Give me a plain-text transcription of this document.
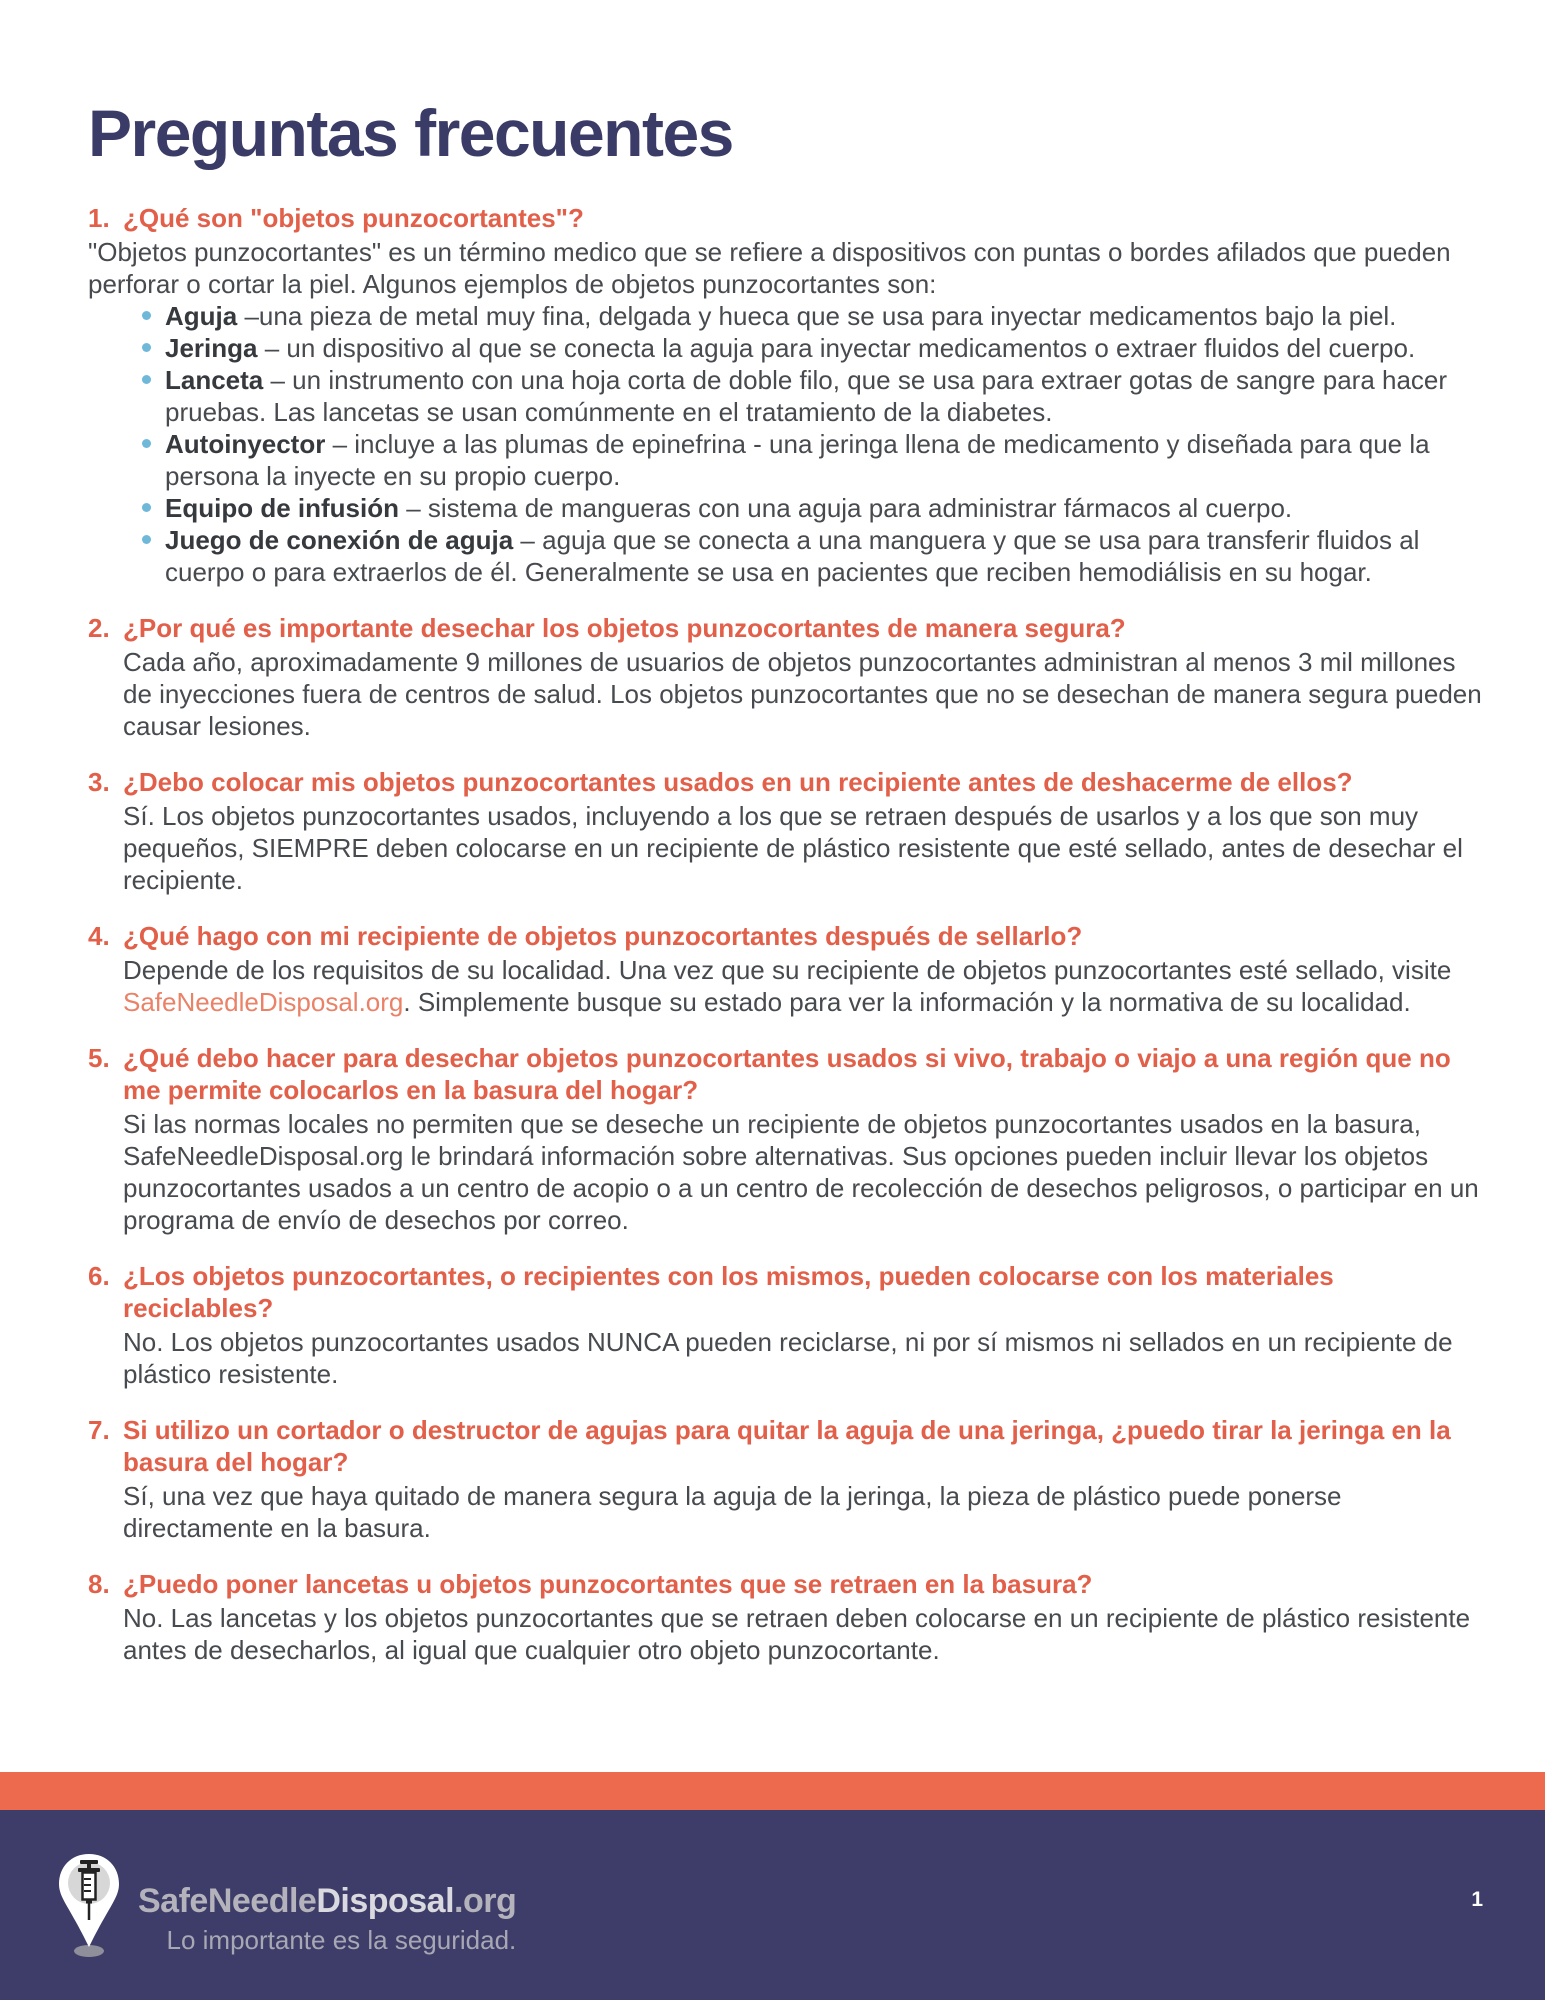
Preguntas frecuentes
1. ¿Qué son "objetos punzocortantes"?
"Objetos punzocortantes" es un término medico que se refiere a dispositivos con puntas o bordes afilados que pueden perforar o cortar la piel. Algunos ejemplos de objetos punzocortantes son:
Aguja –una pieza de metal muy fina, delgada y hueca que se usa para inyectar medicamentos bajo la piel.
Jeringa – un dispositivo al que se conecta la aguja para inyectar medicamentos o extraer fluidos del cuerpo.
Lanceta – un instrumento con una hoja corta de doble filo, que se usa para extraer gotas de sangre para hacer pruebas. Las lancetas se usan comúnmente en el tratamiento de la diabetes.
Autoinyector – incluye a las plumas de epinefrina - una jeringa llena de medicamento y diseñada para que la persona la inyecte en su propio cuerpo.
Equipo de infusión – sistema de mangueras con una aguja para administrar fármacos al cuerpo.
Juego de conexión de aguja – aguja que se conecta a una manguera y que se usa para transferir fluidos al cuerpo o para extraerlos de él. Generalmente se usa en pacientes que reciben hemodiálisis en su hogar.
2. ¿Por qué es importante desechar los objetos punzocortantes de manera segura?
Cada año, aproximadamente 9 millones de usuarios de objetos punzocortantes administran al menos 3 mil millones de inyecciones fuera de centros de salud. Los objetos punzocortantes que no se desechan de manera segura pueden causar lesiones.
3. ¿Debo colocar mis objetos punzocortantes usados en un recipiente antes de deshacerme de ellos?
Sí. Los objetos punzocortantes usados, incluyendo a los que se retraen después de usarlos y a los que son muy pequeños, SIEMPRE deben colocarse en un recipiente de plástico resistente que esté sellado, antes de desechar el recipiente.
4. ¿Qué hago con mi recipiente de objetos punzocortantes después de sellarlo?
Depende de los requisitos de su localidad. Una vez que su recipiente de objetos punzocortantes esté sellado, visite SafeNeedleDisposal.org. Simplemente busque su estado para ver la información y la normativa de su localidad.
5. ¿Qué debo hacer para desechar objetos punzocortantes usados si vivo, trabajo o viajo a una región que no me permite colocarlos en la basura del hogar?
Si las normas locales no permiten que se deseche un recipiente de objetos punzocortantes usados en la basura, SafeNeedleDisposal.org le brindará información sobre alternativas. Sus opciones pueden incluir llevar los objetos punzocortantes usados a un centro de acopio o a un centro de recolección de desechos peligrosos, o participar en un programa de envío de desechos por correo.
6. ¿Los objetos punzocortantes, o recipientes con los mismos, pueden colocarse con los materiales reciclables?
No. Los objetos punzocortantes usados NUNCA pueden reciclarse, ni por sí mismos ni sellados en un recipiente de plástico resistente.
7. Si utilizo un cortador o destructor de agujas para quitar la aguja de una jeringa, ¿puedo tirar la jeringa en la basura del hogar?
Sí, una vez que haya quitado de manera segura la aguja de la jeringa, la pieza de plástico puede ponerse directamente en la basura.
8. ¿Puedo poner lancetas u objetos punzocortantes que se retraen en la basura?
No. Las lancetas y los objetos punzocortantes que se retraen deben colocarse en un recipiente de plástico resistente antes de desecharlos, al igual que cualquier otro objeto punzocortante.
SafeNeedleDisposal.org
Lo importante es la seguridad.
1
